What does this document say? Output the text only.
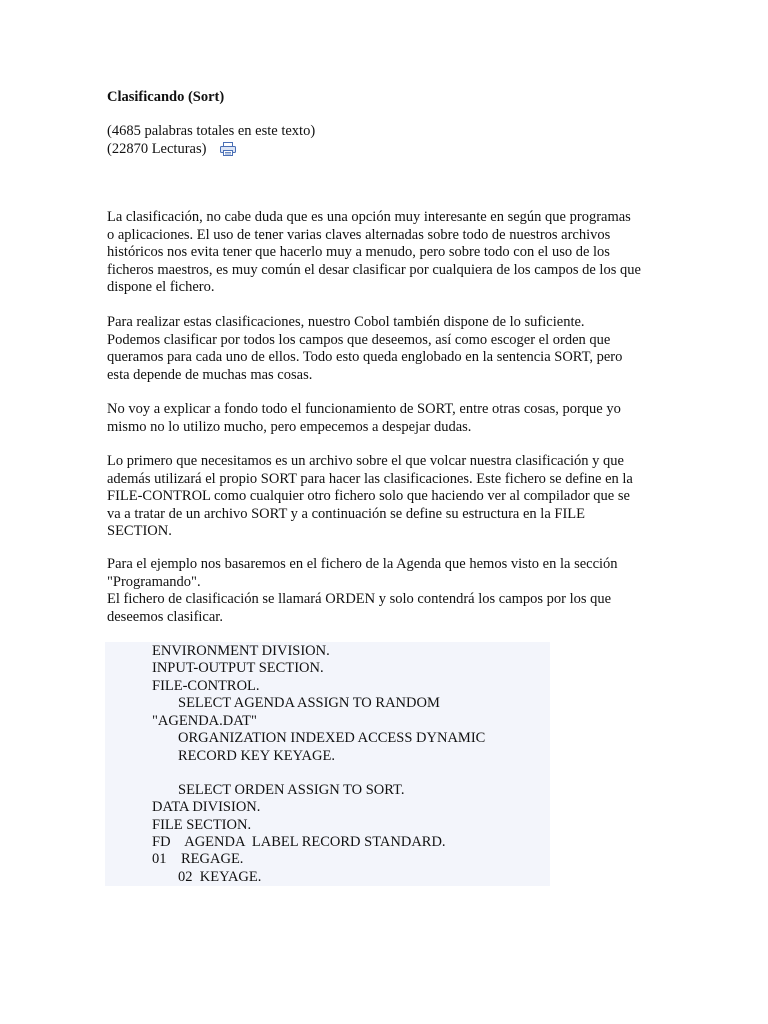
Clasificando (Sort)
(4685 palabras totales en este texto)
(22870 Lecturas)

La clasificación, no cabe duda que es una opción muy interesante en según que programas
o aplicaciones. El uso de tener varias claves alternadas sobre todo de nuestros archivos
históricos nos evita tener que hacerlo muy a menudo, pero sobre todo con el uso de los
ficheros maestros, es muy común el desar clasificar por cualquiera de los campos de los que
dispone el fichero.

Para realizar estas clasificaciones, nuestro Cobol también dispone de lo suficiente.
Podemos clasificar por todos los campos que deseemos, así como escoger el orden que
queramos para cada uno de ellos. Todo esto queda englobado en la sentencia SORT, pero
esta depende de muchas mas cosas.

No voy a explicar a fondo todo el funcionamiento de SORT, entre otras cosas, porque yo
mismo no lo utilizo mucho, pero empecemos a despejar dudas.

Lo primero que necesitamos es un archivo sobre el que volcar nuestra clasificación y que
además utilizará el propio SORT para hacer las clasificaciones. Este fichero se define en la
FILE-CONTROL como cualquier otro fichero solo que haciendo ver al compilador que se
va a tratar de un archivo SORT y a continuación se define su estructura en la FILE
SECTION.

Para el ejemplo nos basaremos en el fichero de la Agenda que hemos visto en la sección
"Programando".
El fichero de clasificación se llamará ORDEN y solo contendrá los campos por los que
deseemos clasificar.

ENVIRONMENT DIVISION.
INPUT-OUTPUT SECTION.
FILE-CONTROL.
SELECT AGENDA ASSIGN TO RANDOM
"AGENDA.DAT"
ORGANIZATION INDEXED ACCESS DYNAMIC
RECORD KEY KEYAGE.
SELECT ORDEN ASSIGN TO SORT.
DATA DIVISION.
FILE SECTION.
FD    AGENDA  LABEL RECORD STANDARD.
01    REGAGE.
02  KEYAGE.
